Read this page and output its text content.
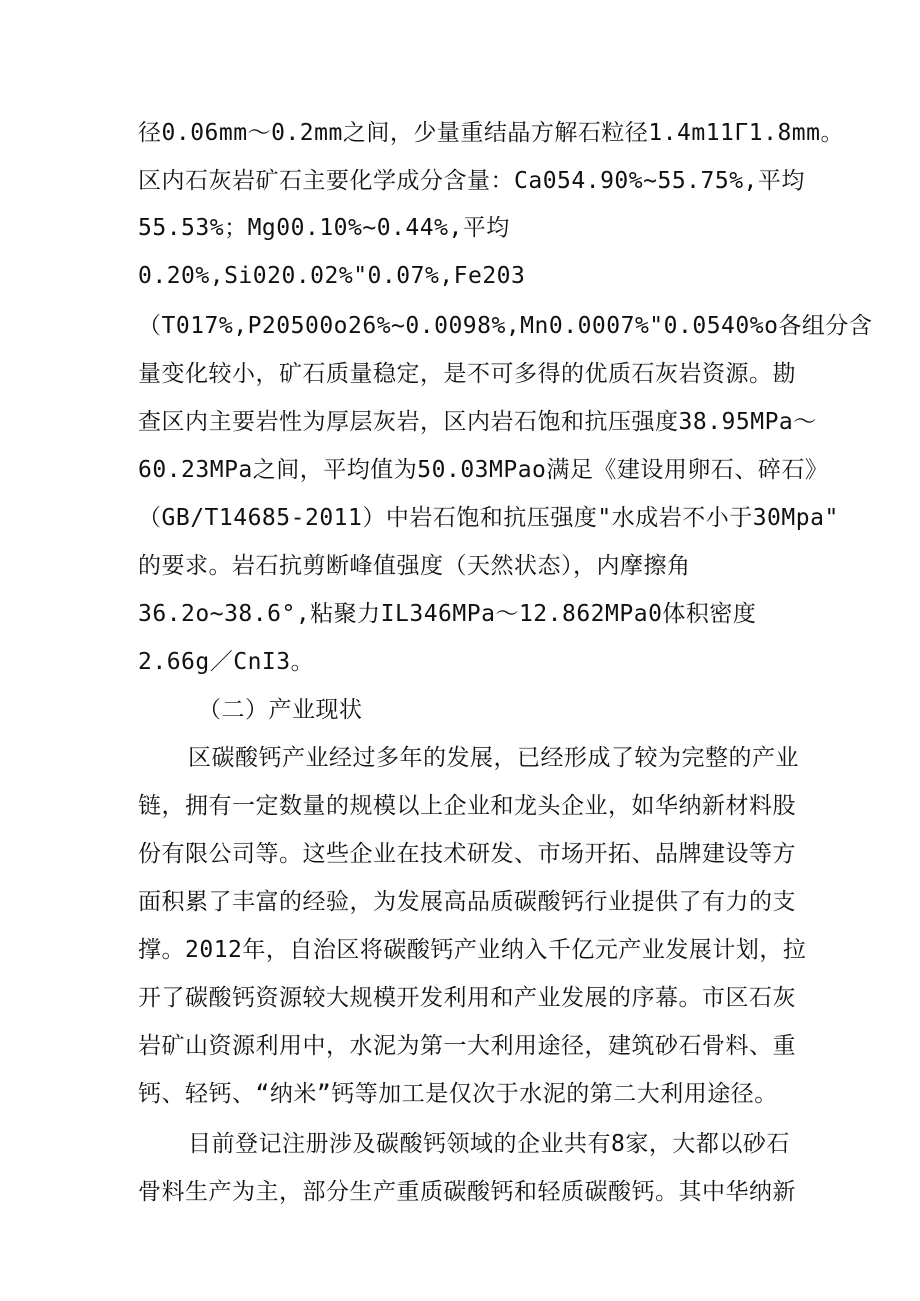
径0.06mm～0.2mm之间，少量重结晶方解石粒径1.4m11Γ1.8mm。
区内石灰岩矿石主要化学成分含量：Ca054.90%~55.75%,平均
55.53%；Mg00.10%~0.44%,平均
0.20%,Si020.02%"0.07%,Fe203
（T017%,P20500o26%~0.0098%,Mn0.0007%"0.0540%o各组分含
量变化较小，矿石质量稳定，是不可多得的优质石灰岩资源。勘
查区内主要岩性为厚层灰岩，区内岩石饱和抗压强度38.95MPa～
60.23MPa之间，平均值为50.03MPao满足《建设用卵石、碎石》
（GB/T14685-2011）中岩石饱和抗压强度"水成岩不小于30Mpa"
的要求。岩石抗剪断峰值强度（天然状态），内摩擦角
36.2o~38.6°,粘聚力IL346MPa～12.862MPa0体积密度
2.66g／CnI3。
（二）产业现状
区碳酸钙产业经过多年的发展，已经形成了较为完整的产业
链，拥有一定数量的规模以上企业和龙头企业，如华纳新材料股
份有限公司等。这些企业在技术研发、市场开拓、品牌建设等方
面积累了丰富的经验，为发展高品质碳酸钙行业提供了有力的支
撑。2012年，自治区将碳酸钙产业纳入千亿元产业发展计划，拉
开了碳酸钙资源较大规模开发利用和产业发展的序幕。市区石灰
岩矿山资源利用中，水泥为第一大利用途径，建筑砂石骨料、重
钙、轻钙、“纳米”钙等加工是仅次于水泥的第二大利用途径。
目前登记注册涉及碳酸钙领域的企业共有8家，大都以砂石
骨料生产为主，部分生产重质碳酸钙和轻质碳酸钙。其中华纳新
